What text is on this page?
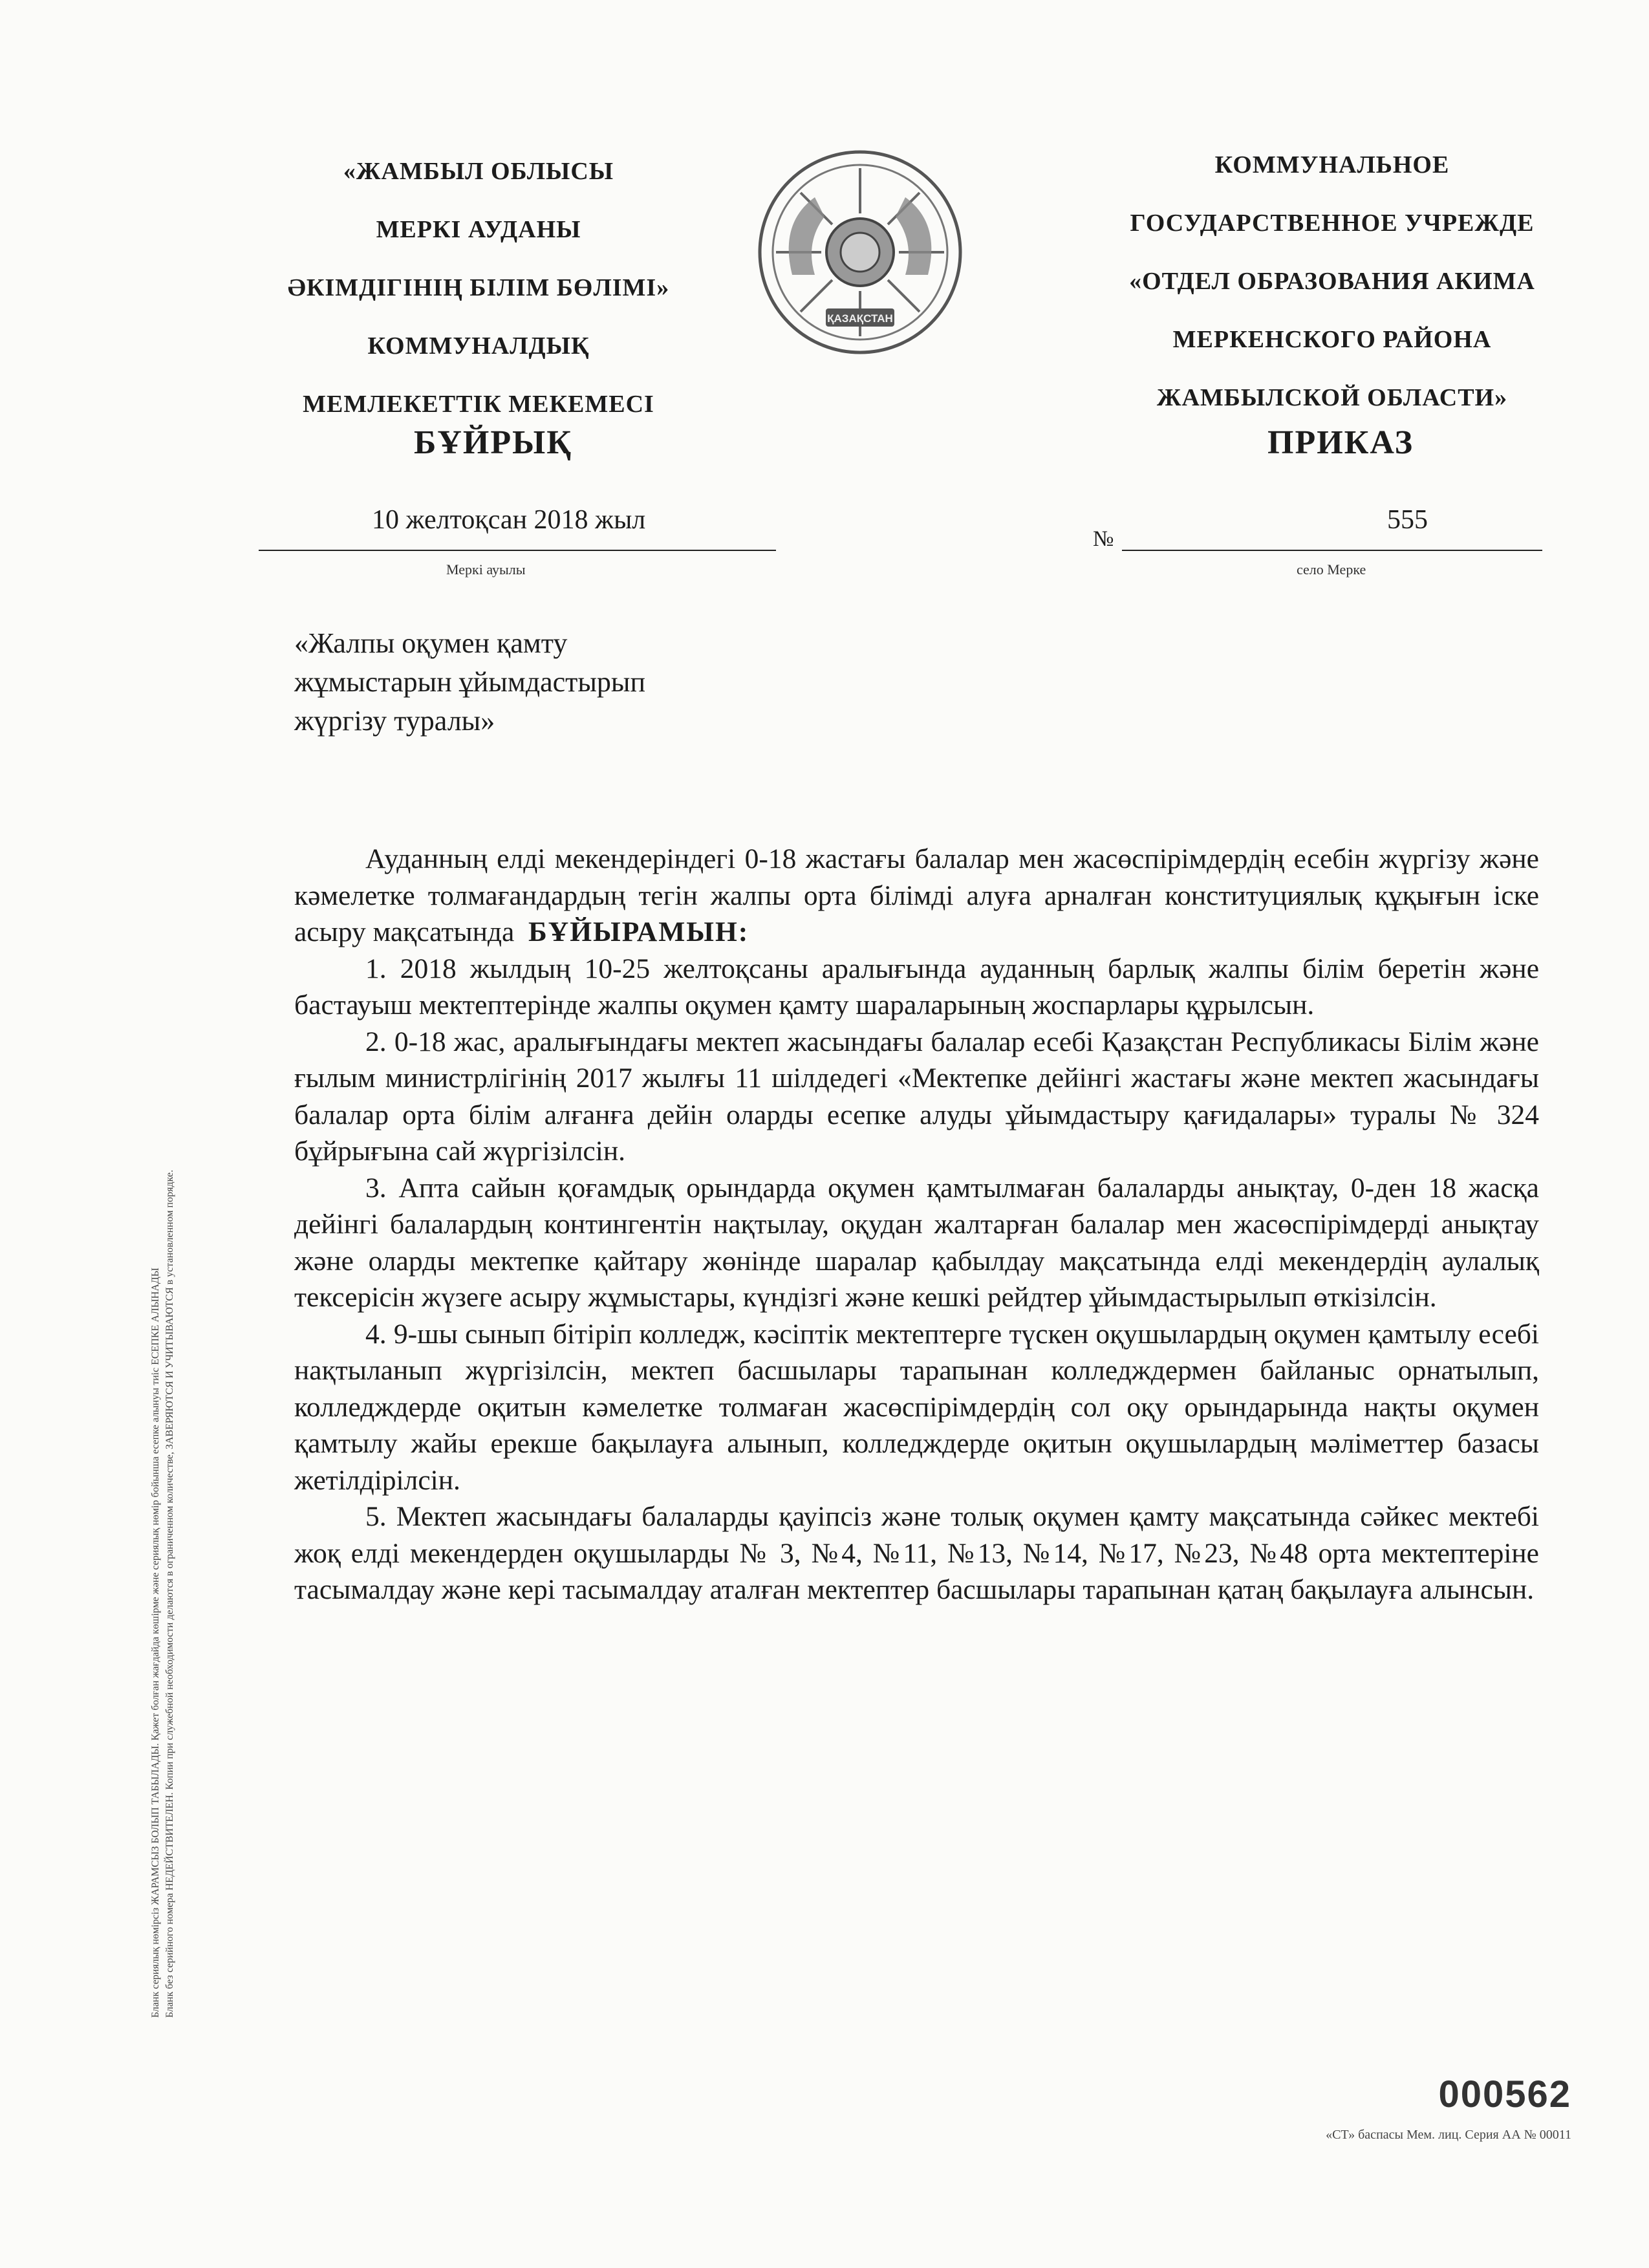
«ЖАМБЫЛ ОБЛЫСЫ
МЕРКІ АУДАНЫ
ӘКІМДІГІНІҢ БІЛІМ БӨЛІМІ»
КОММУНАЛДЫҚ
МЕМЛЕКЕТТІК МЕКЕМЕСІ
ҚАЗАҚСТАН
КОММУНАЛЬНОЕ
ГОСУДАРСТВЕННОЕ УЧРЕЖДЕ
«ОТДЕЛ ОБРАЗОВАНИЯ АКИМА
МЕРКЕНСКОГО РАЙОНА
ЖАМБЫЛСКОЙ ОБЛАСТИ»
БҰЙРЫҚ	ПРИКАЗ
10 желтоқсан 2018 жыл
№
555
Меркі ауылы	село Мерке
«Жалпы оқумен қамту
жұмыстарын ұйымдастырып
жүргізу туралы»

Ауданның елді мекендеріндегі 0-18 жастағы балалар мен жасөспірімдердің есебін жүргізу және кәмелетке толмағандардың тегін жалпы орта білімді алуға арналған конституциялық құқығын іске асыру мақсатында БҰЙЫРАМЫН:

1. 2018 жылдың 10-25 желтоқсаны аралығында ауданның барлық жалпы білім беретін және бастауыш мектептерінде жалпы оқумен қамту шараларының жоспарлары құрылсын.

2. 0-18 жас, аралығындағы мектеп жасындағы балалар есебі Қазақстан Республикасы Білім және ғылым министрлігінің 2017 жылғы 11 шілдедегі «Мектепке дейінгі жастағы және мектеп жасындағы балалар орта білім алғанға дейін оларды есепке алуды ұйымдастыру қағидалары» туралы № 324 бұйрығына сай жүргізілсін.

3. Апта сайын қоғамдық орындарда оқумен қамтылмаған балаларды анықтау, 0-ден 18 жасқа дейінгі балалардың контингентін нақтылау, оқудан жалтарған балалар мен жасөспірімдерді анықтау және оларды мектепке қайтару жөнінде шаралар қабылдау мақсатында елді мекендердің аулалық тексерісін жүзеге асыру жұмыстары, күндізгі және кешкі рейдтер ұйымдастырылып өткізілсін.

4. 9-шы сынып бітіріп колледж, кәсіптік мектептерге түскен оқушылардың оқумен қамтылу есебі нақтыланып жүргізілсін, мектеп басшылары тарапынан колледждермен байланыс орнатылып, колледждерде оқитын кәмелетке толмаған жасөспірімдердің сол оқу орындарында нақты оқумен қамтылу жайы ерекше бақылауға алынып, колледждерде оқитын оқушылардың мәліметтер базасы жетілдірілсін.

5. Мектеп жасындағы балаларды қауіпсіз және толық оқумен қамту мақсатында сәйкес мектебі жоқ елді мекендерден оқушыларды № 3, №4, №11, №13, №14, №17, №23, №48 орта мектептеріне тасымалдау және кері тасымалдау аталған мектептер басшылары тарапынан қатаң бақылауға алынсын.

Бланк сериялық нөмірсіз ЖАРАМСЫЗ БОЛЫП ТАБЫЛАДЫ. Қажет болған жағдайда көшірме және сериялық нөмір бойынша есепке алынуы тиіс ЕСЕПКЕ АЛЫНАДЫ Бланк без серийного номера НЕДЕЙСТВИТЕЛЕН. Копии при служебной необходимости делаются в ограниченном количестве, ЗАВЕРЯЮТСЯ И УЧИТЫВАЮТСЯ в установленном порядке.
000562
«СТ» баспасы Мем. лиц. Серия АА № 00011
